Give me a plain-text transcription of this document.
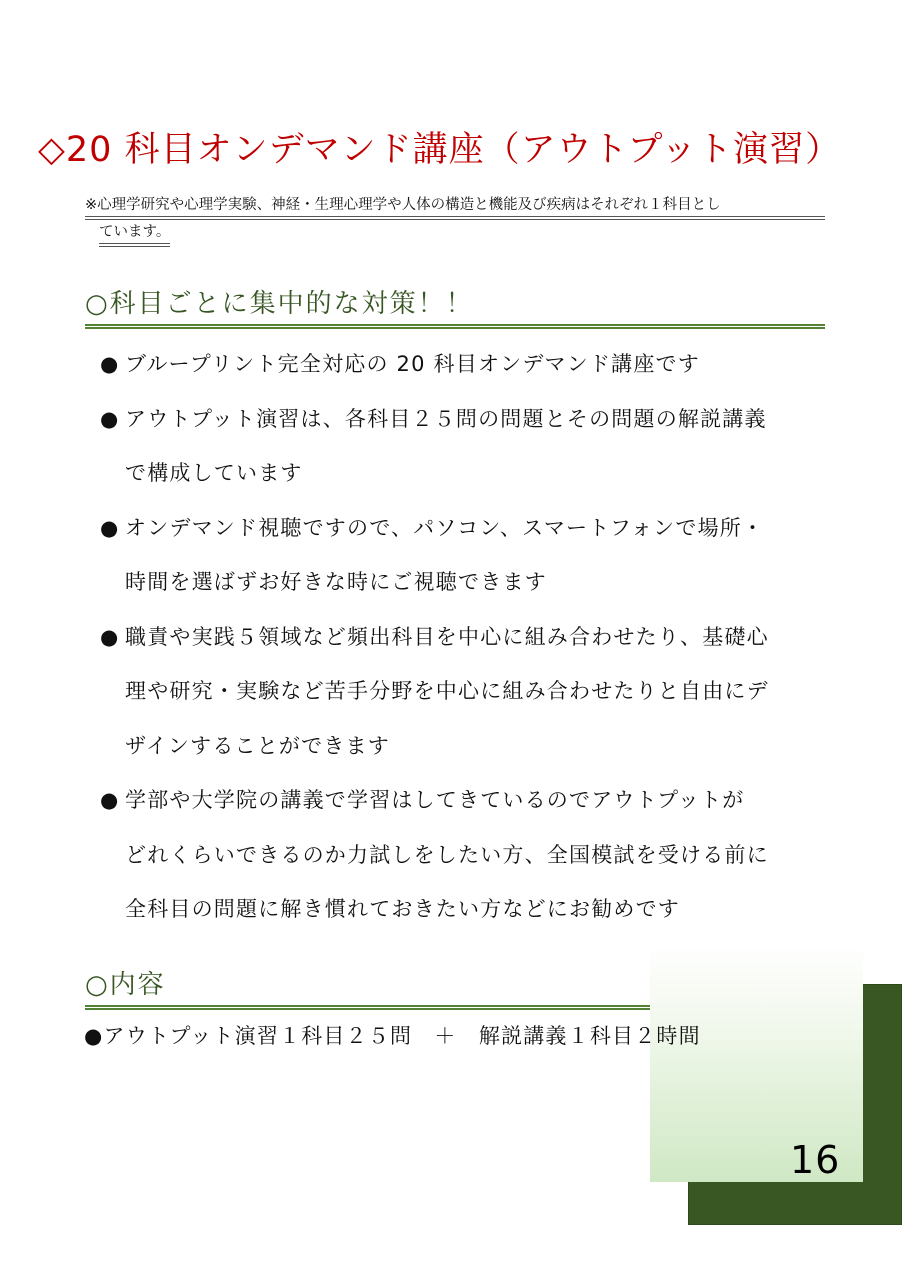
◇20 科目オンデマンド講座（アウトプット演習）
※心理学研究や心理学実験、神経・生理心理学や人体の構造と機能及び疾病はそれぞれ１科目とし
ています。
○科目ごとに集中的な対策！！
● ブループリント完全対応の 20 科目オンデマンド講座です
● アウトプット演習は、各科目２５問の問題とその問題の解説講義
で構成しています
● オンデマンド視聴ですので、パソコン、スマートフォンで場所・
時間を選ばずお好きな時にご視聴できます
● 職責や実践５領域など頻出科目を中心に組み合わせたり、基礎心
理や研究・実験など苦手分野を中心に組み合わせたりと自由にデ
ザインすることができます
● 学部や大学院の講義で学習はしてきているのでアウトプットが
どれくらいできるのか力試しをしたい方、全国模試を受ける前に
全科目の問題に解き慣れておきたい方などにお勧めです
○内容
●アウトプット演習１科目２５問　＋　解説講義１科目２時間
16
